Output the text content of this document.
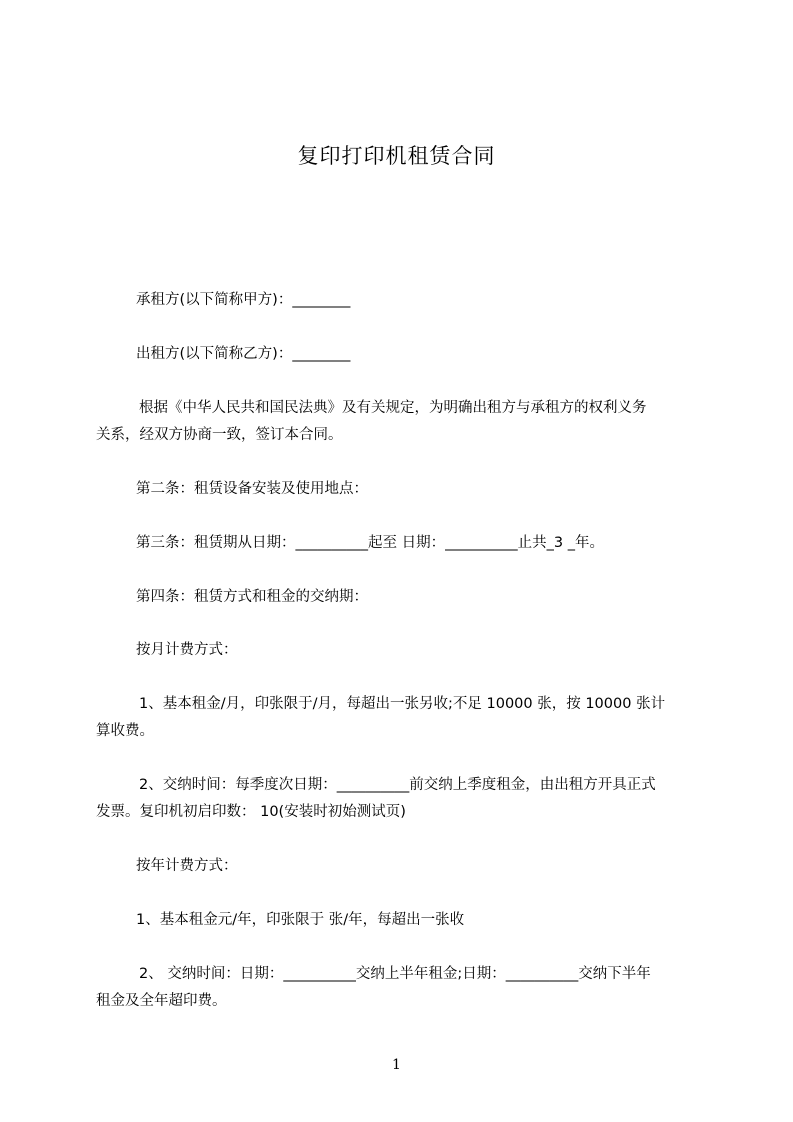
复印打印机租赁合同
承租方(以下简称甲方)：________
出租方(以下简称乙方)：________
根据《中华人民共和国民法典》及有关规定，为明确出租方与承租方的权利义务
关系，经双方协商一致，签订本合同。
第二条：租赁设备安装及使用地点：
第三条：租赁期从日期：__________起至 日期：__________止共_3 _年。
第四条：租赁方式和租金的交纳期：
按月计费方式：
1、基本租金/月，印张限于/月，每超出一张另收;不足 10000 张，按 10000 张计
算收费。
2、交纳时间：每季度次日期：__________前交纳上季度租金，由出租方开具正式
发票。复印机初启印数： 10(安装时初始测试页)
按年计费方式：
1、基本租金元/年，印张限于 张/年，每超出一张收
2、 交纳时间：日期：__________交纳上半年租金;日期：__________交纳下半年
租金及全年超印费。
1
